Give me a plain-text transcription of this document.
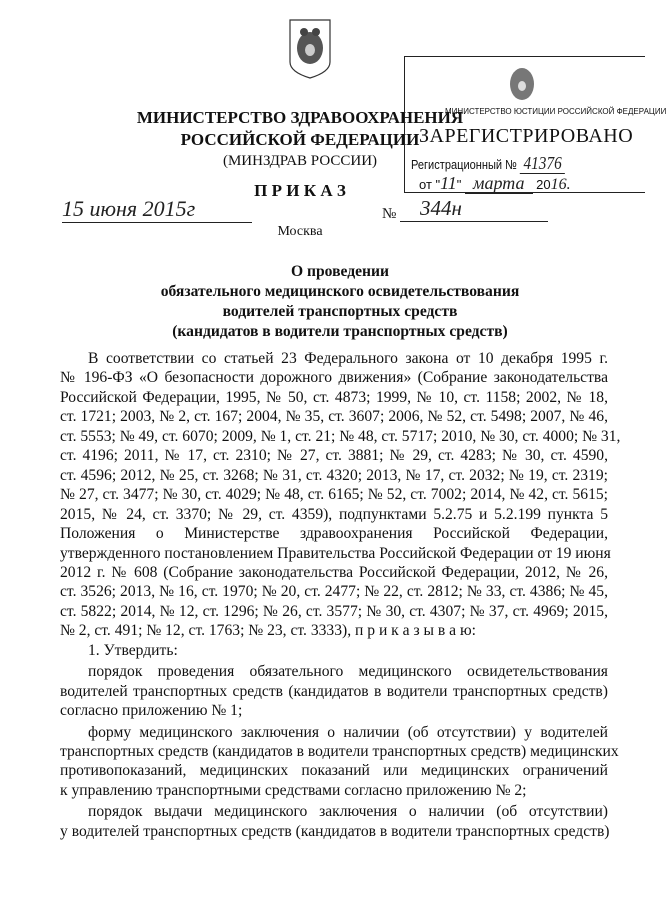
МИНИСТЕРСТВО ЗДРАВООХРАНЕНИЯ
РОССИЙСКОЙ ФЕДЕРАЦИИ
(МИНЗДРАВ РОССИИ)
П Р И К А З
15 июня 2015г	№	344н
Москва
МИНИСТЕРСТВО ЮСТИЦИИ РОССИЙСКОЙ ФЕДЕРАЦИИ
ЗАРЕГИСТРИРОВАНО
Регистрационный № 41376
от "11" марта 2016.
О проведении
обязательного медицинского освидетельствования
водителей транспортных средств
(кандидатов в водители транспортных средств)
В соответствии со статьей 23 Федерального закона от 10 декабря 1995 г.
№ 196-ФЗ «О безопасности дорожного движения» (Собрание законодательства
Российской Федерации, 1995, № 50, ст. 4873; 1999, № 10, ст. 1158; 2002, № 18,
ст. 1721; 2003, № 2, ст. 167; 2004, № 35, ст. 3607; 2006, № 52, ст. 5498; 2007, № 46,
ст. 5553; № 49, ст. 6070; 2009, № 1, ст. 21; № 48, ст. 5717; 2010, № 30, ст. 4000; № 31,
ст. 4196; 2011, № 17, ст. 2310; № 27, ст. 3881; № 29, ст. 4283; № 30, ст. 4590,
ст. 4596; 2012, № 25, ст. 3268; № 31, ст. 4320; 2013, № 17, ст. 2032; № 19, ст. 2319;
№ 27, ст. 3477; № 30, ст. 4029; № 48, ст. 6165; № 52, ст. 7002; 2014, № 42, ст. 5615;
2015, № 24, ст. 3370; № 29, ст. 4359), подпунктами 5.2.75 и 5.2.199 пункта 5
Положения о Министерстве здравоохранения Российской Федерации,
утвержденного постановлением Правительства Российской Федерации от 19 июня
2012 г. № 608 (Собрание законодательства Российской Федерации, 2012, № 26,
ст. 3526; 2013, № 16, ст. 1970; № 20, ст. 2477; № 22, ст. 2812; № 33, ст. 4386; № 45,
ст. 5822; 2014, № 12, ст. 1296; № 26, ст. 3577; № 30, ст. 4307; № 37, ст. 4969; 2015,
№ 2, ст. 491; № 12, ст. 1763; № 23, ст. 3333), п р и к а з ы в а ю:
1. Утвердить:
порядок проведения обязательного медицинского освидетельствования
водителей транспортных средств (кандидатов в водители транспортных средств)
согласно приложению № 1;
форму медицинского заключения о наличии (об отсутствии) у водителей
транспортных средств (кандидатов в водители транспортных средств) медицинских
противопоказаний, медицинских показаний или медицинских ограничений
к управлению транспортными средствами согласно приложению № 2;
порядок выдачи медицинского заключения о наличии (об отсутствии)
у водителей транспортных средств (кандидатов в водители транспортных средств)
